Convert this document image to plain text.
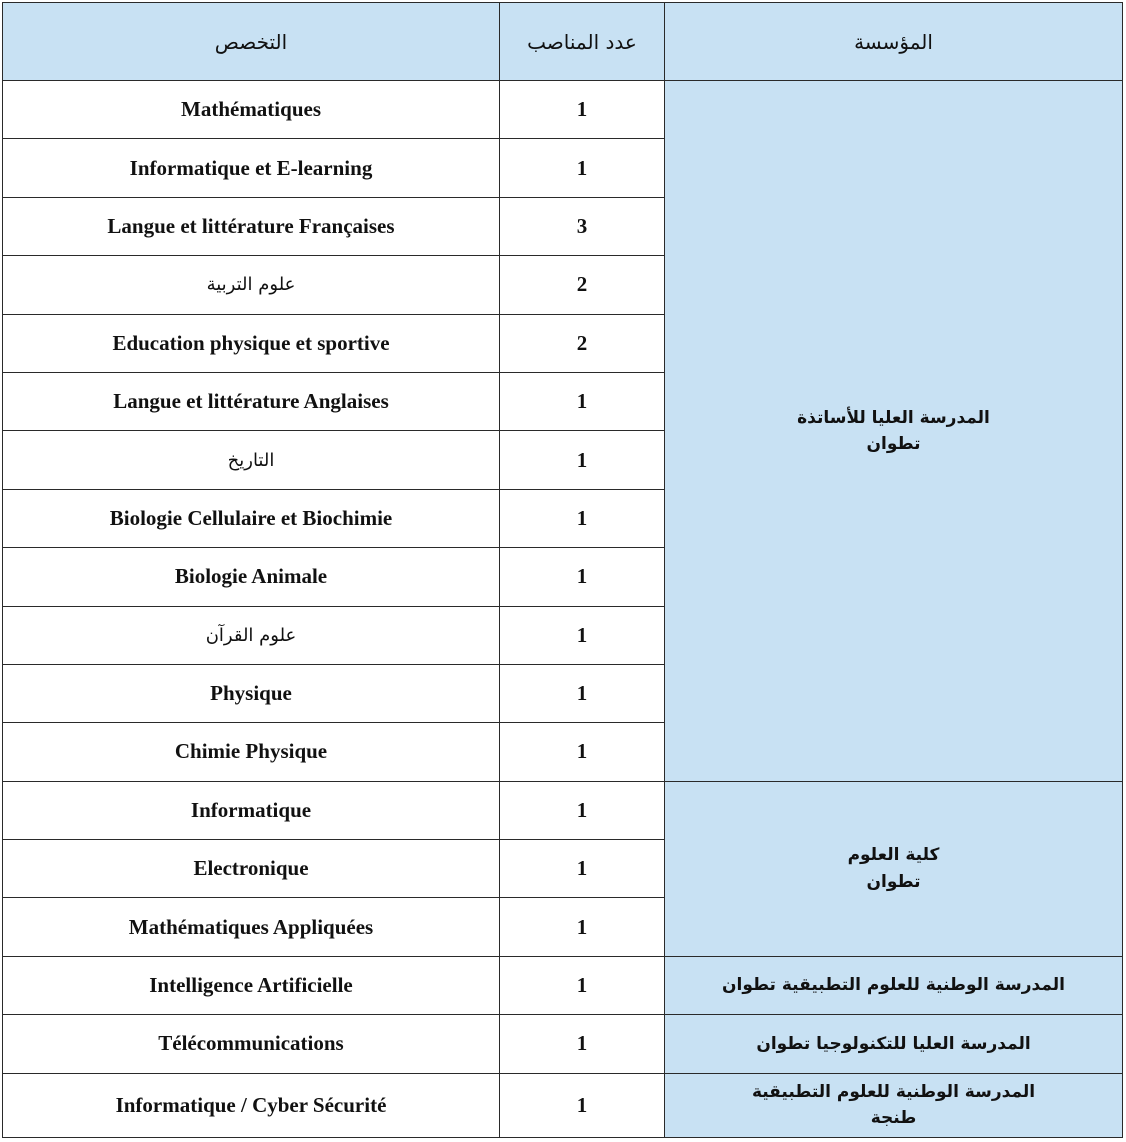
التخصص	عدد المناصب	المؤسسة
Mathématiques	1	المدرسة العليا للأساتذة
تطوان

Informatique et E-learning	1	
Langue et littérature Françaises	3	
علوم التربية	2	
Education physique et sportive	2	
Langue et littérature Anglaises	1	
التاريخ	1	
Biologie Cellulaire et Biochimie	1	
Biologie Animale	1	
علوم القرآن	1	
Physique	1	
Chimie Physique	1	
Informatique	1	كلية العلوم
تطوان

Electronique	1	
Mathématiques Appliquées	1	
Intelligence Artificielle	1	المدرسة الوطنية للعلوم التطبيقية تطوان

Télécommunications	1	المدرسة العليا للتكنولوجيا تطوان

Informatique / Cyber Sécurité	1	المدرسة الوطنية للعلوم التطبيقية
طنجة
